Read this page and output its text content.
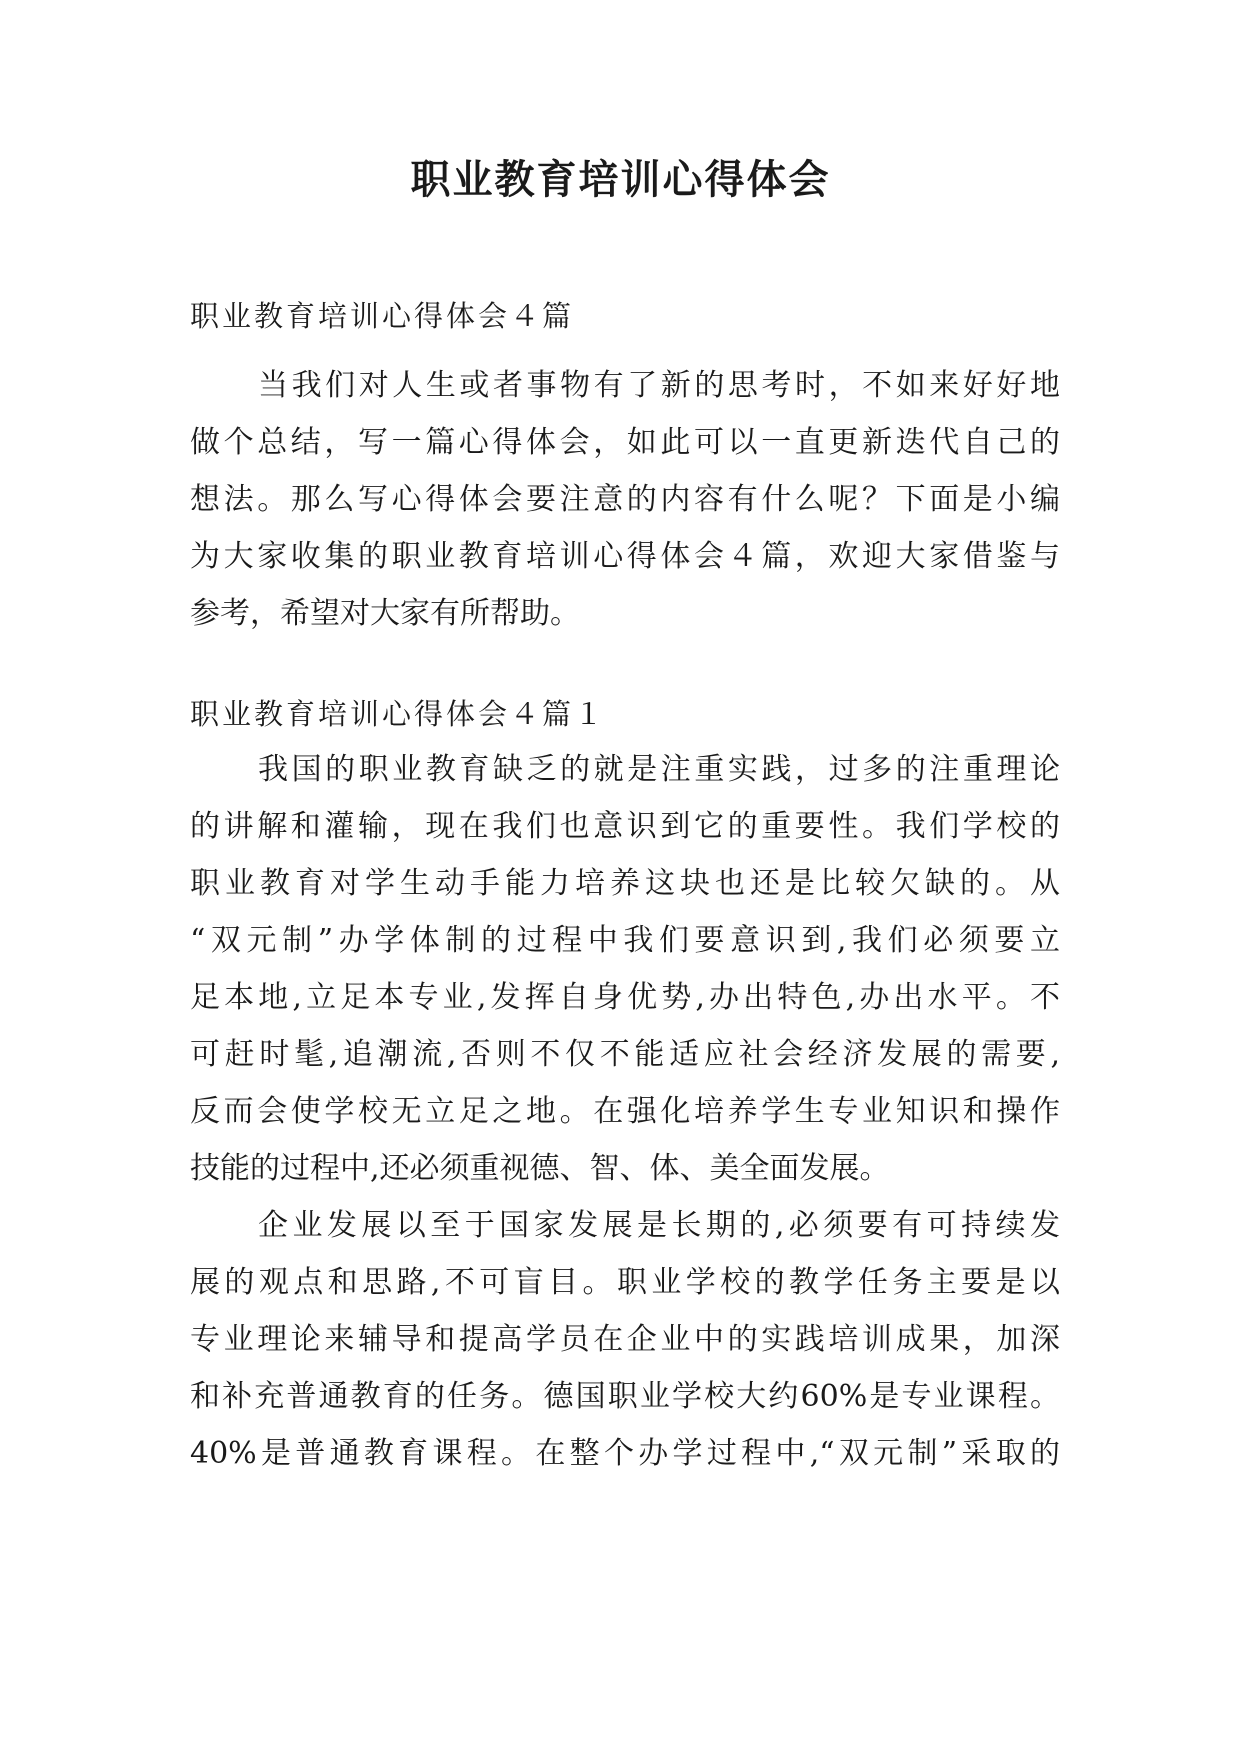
职业教育培训心得体会

职业教育培训心得体会４篇

当我们对人生或者事物有了新的思考时，不如来好好地

做个总结，写一篇心得体会，如此可以一直更新迭代自己的

想法。那么写心得体会要注意的内容有什么呢？下面是小编

为大家收集的职业教育培训心得体会４篇，欢迎大家借鉴与

参考，希望对大家有所帮助。

职业教育培训心得体会４篇１

我国的职业教育缺乏的就是注重实践，过多的注重理论

的讲解和灌输，现在我们也意识到它的重要性。我们学校的

职业教育对学生动手能力培养这块也还是比较欠缺的。从

“双元制”办学体制的过程中我们要意识到,我们必须要立

足本地,立足本专业,发挥自身优势,办出特色,办出水平。不

可赶时髦,追潮流,否则不仅不能适应社会经济发展的需要,

反而会使学校无立足之地。在强化培养学生专业知识和操作

技能的过程中,还必须重视德、智、体、美全面发展。

企业发展以至于国家发展是长期的,必须要有可持续发

展的观点和思路,不可盲目。职业学校的教学任务主要是以

专业理论来辅导和提高学员在企业中的实践培训成果，加深

和补充普通教育的任务。德国职业学校大约60%是专业课程。

40%是普通教育课程。在整个办学过程中,“双元制”采取的
